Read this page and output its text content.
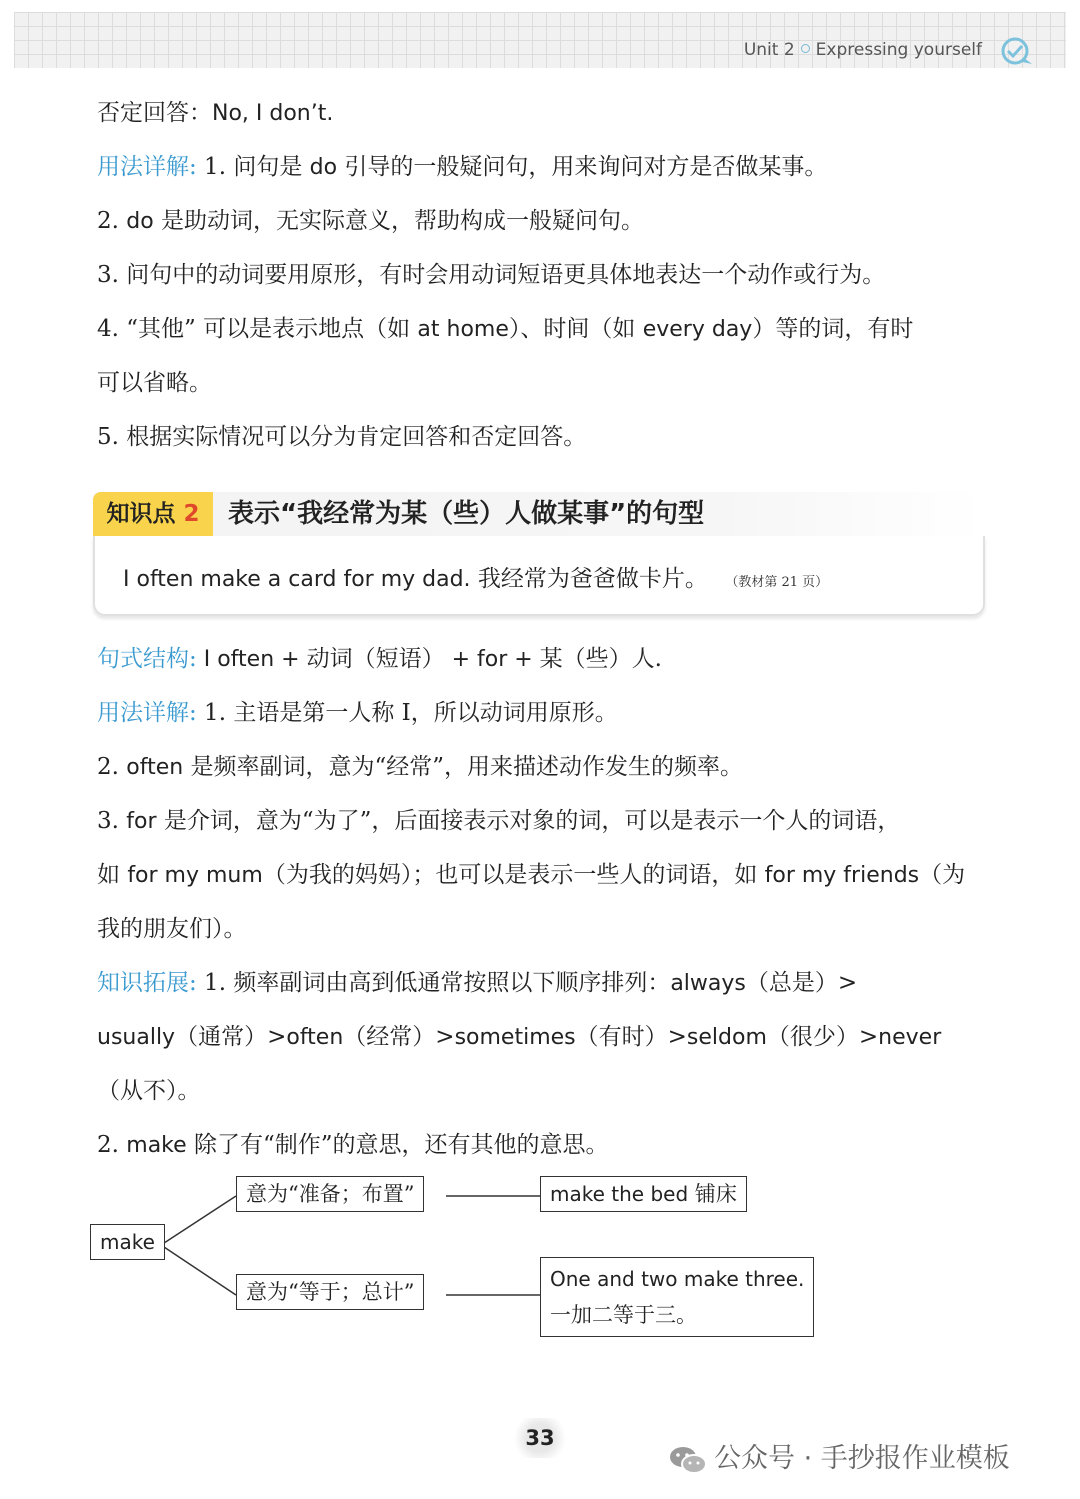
Unit 2 Expressing yourself
否定回答：No, I don’t.
用法详解: 1. 问句是 do 引导的一般疑问句，用来询问对方是否做某事。
2. do 是助动词，无实际意义，帮助构成一般疑问句。
3. 问句中的动词要用原形，有时会用动词短语更具体地表达一个动作或行为。
4. “其他” 可以是表示地点（如 at home）、时间（如 every day）等的词，有时
可以省略。
5. 根据实际情况可以分为肯定回答和否定回答。
知识点 2	表示“我经常为某（些）人做某事”的句型
I often make a card for my dad. 我经常为爸爸做卡片。 （教材第 21 页）
句式结构: I often + 动词（短语） + for + 某（些）人.
用法详解: 1. 主语是第一人称 I，所以动词用原形。
2. often 是频率副词，意为“经常”，用来描述动作发生的频率。
3. for 是介词，意为“为了”，后面接表示对象的词，可以是表示一个人的词语，
如 for my mum（为我的妈妈）；也可以是表示一些人的词语，如 for my friends（为
我的朋友们）。
知识拓展: 1. 频率副词由高到低通常按照以下顺序排列：always（总是）>
usually（通常）>often（经常）>sometimes（有时）>seldom（很少）>never
（从不）。
2. make 除了有“制作”的意思，还有其他的意思。
make
意为“准备；布置”
意为“等于；总计”
make the bed 铺床
One and two make three.
一加二等于三。
33
公众号 · 手抄报作业模板
